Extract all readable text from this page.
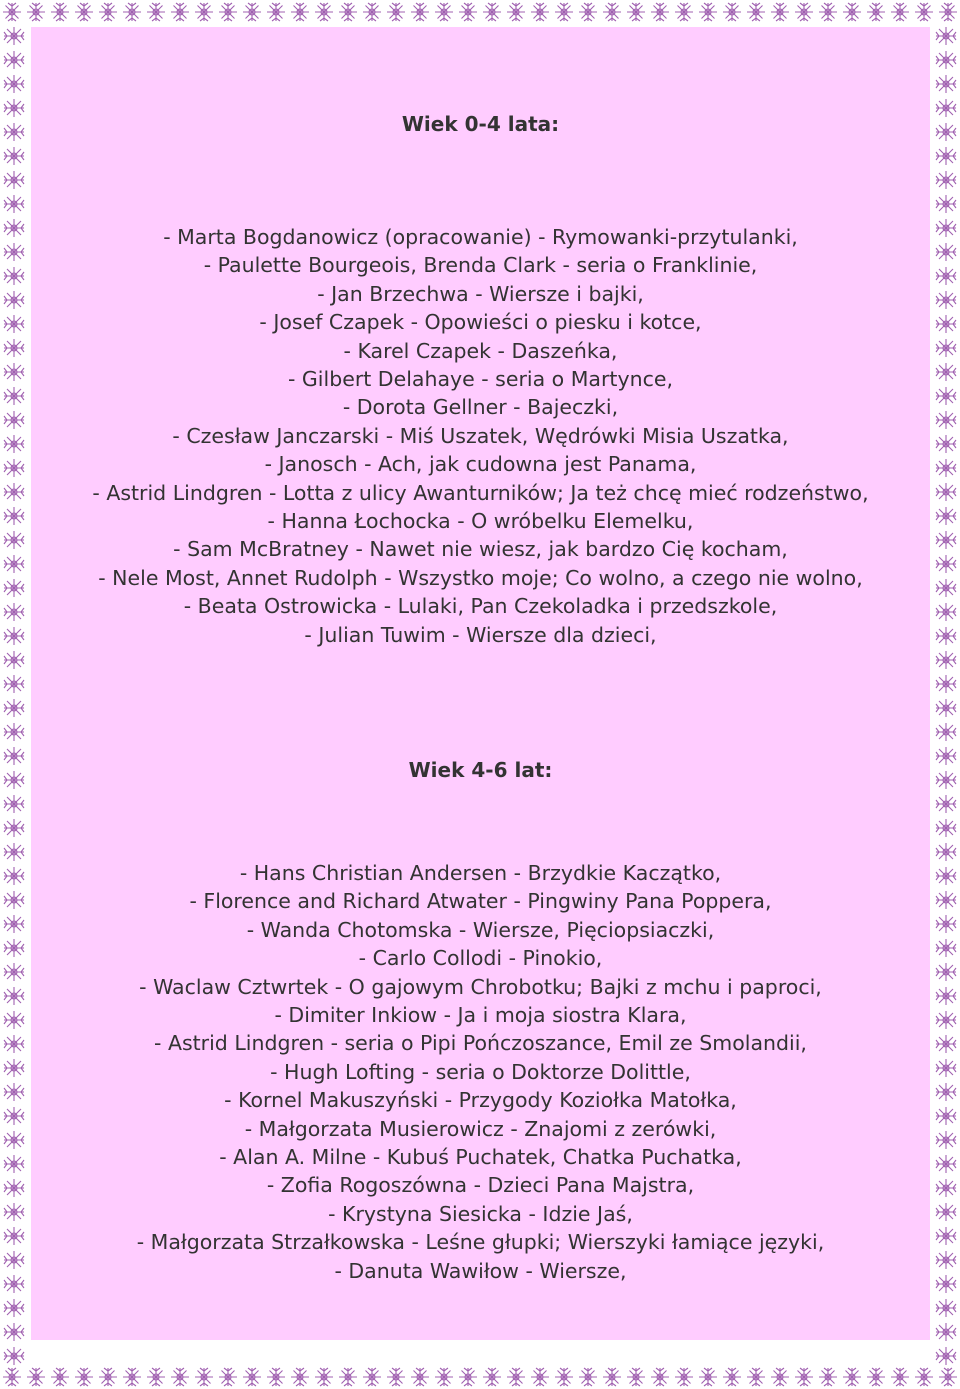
Wiek 0-4 lata:
- Marta Bogdanowicz (opracowanie) - Rymowanki-przytulanki,
- Paulette Bourgeois, Brenda Clark - seria o Franklinie,
- Jan Brzechwa - Wiersze i bajki,
- Josef Czapek - Opowieści o piesku i kotce,
- Karel Czapek - Daszeńka,
- Gilbert Delahaye - seria o Martynce,
- Dorota Gellner - Bajeczki,
- Czesław Janczarski - Miś Uszatek, Wędrówki Misia Uszatka,
- Janosch - Ach, jak cudowna jest Panama,
- Astrid Lindgren - Lotta z ulicy Awanturników; Ja też chcę mieć rodzeństwo,
- Hanna Łochocka - O wróbelku Elemelku,
- Sam McBratney - Nawet nie wiesz, jak bardzo Cię kocham,
- Nele Most, Annet Rudolph - Wszystko moje; Co wolno, a czego nie wolno,
- Beata Ostrowicka - Lulaki, Pan Czekoladka i przedszkole,
- Julian Tuwim - Wiersze dla dzieci,
Wiek 4-6 lat:
- Hans Christian Andersen - Brzydkie Kaczątko,
- Florence and Richard Atwater - Pingwiny Pana Poppera,
- Wanda Chotomska - Wiersze, Pięciopsiaczki,
- Carlo Collodi - Pinokio,
- Waclaw Cztwrtek - O gajowym Chrobotku; Bajki z mchu i paproci,
- Dimiter Inkiow - Ja i moja siostra Klara,
- Astrid Lindgren - seria o Pipi Pończoszance, Emil ze Smolandii,
- Hugh Lofting - seria o Doktorze Dolittle,
- Kornel Makuszyński - Przygody Koziołka Matołka,
- Małgorzata Musierowicz - Znajomi z zerówki,
- Alan A. Milne - Kubuś Puchatek, Chatka Puchatka,
- Zofia Rogoszówna - Dzieci Pana Majstra,
- Krystyna Siesicka - Idzie Jaś,
- Małgorzata Strzałkowska - Leśne głupki; Wierszyki łamiące języki,
- Danuta Wawiłow - Wiersze,
